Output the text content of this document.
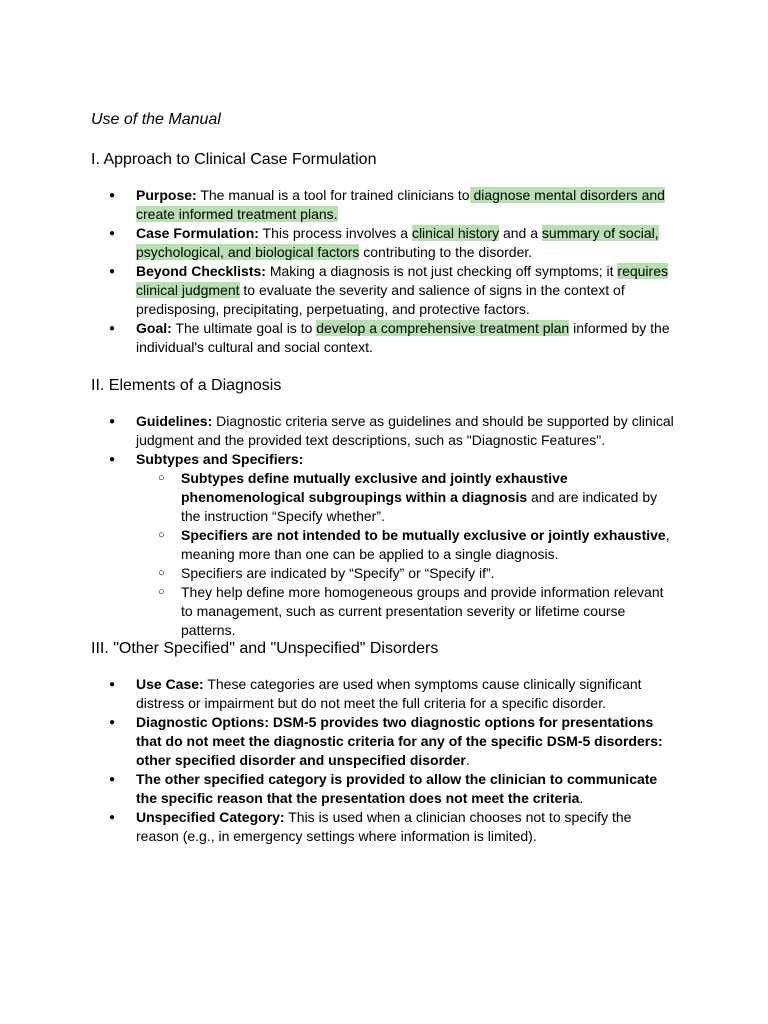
Use of the Manual
I. Approach to Clinical Case Formulation
● Purpose: The manual is a tool for trained clinicians to diagnose mental disorders and create informed treatment plans.
● Case Formulation: This process involves a clinical history and a summary of social, psychological, and biological factors contributing to the disorder.
● Beyond Checklists: Making a diagnosis is not just checking off symptoms; it requires clinical judgment to evaluate the severity and salience of signs in the context of predisposing, precipitating, perpetuating, and protective factors.
● Goal: The ultimate goal is to develop a comprehensive treatment plan informed by the individual's cultural and social context.
II. Elements of a Diagnosis
● Guidelines: Diagnostic criteria serve as guidelines and should be supported by clinical judgment and the provided text descriptions, such as "Diagnostic Features".
● Subtypes and Specifiers:
○ Subtypes define mutually exclusive and jointly exhaustive phenomenological subgroupings within a diagnosis and are indicated by the instruction “Specify whether”.
○ Specifiers are not intended to be mutually exclusive or jointly exhaustive, meaning more than one can be applied to a single diagnosis.
○ Specifiers are indicated by “Specify” or “Specify if”.
○ They help define more homogeneous groups and provide information relevant to management, such as current presentation severity or lifetime course patterns.
III. "Other Specified" and "Unspecified" Disorders
● Use Case: These categories are used when symptoms cause clinically significant distress or impairment but do not meet the full criteria for a specific disorder.
● Diagnostic Options: DSM-5 provides two diagnostic options for presentations that do not meet the diagnostic criteria for any of the specific DSM-5 disorders: other specified disorder and unspecified disorder.
● The other specified category is provided to allow the clinician to communicate the specific reason that the presentation does not meet the criteria.
● Unspecified Category: This is used when a clinician chooses not to specify the reason (e.g., in emergency settings where information is limited).
